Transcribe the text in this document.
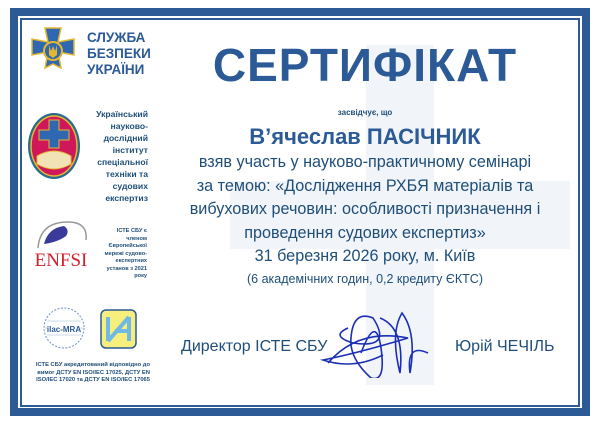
СЛУЖБА
БЕЗПЕКИ
УКРАЇНИ
Український науково-дослідний інститут спеціальної техніки та судових експертиз
ENFSI
ІСТЕ СБУ є членом Європейської мережі судово-експертних установ з 2021 року
ilac-MRA
ІСТЕ СБУ акредитований відповідно до вимог ДСТУ EN ISO/IEC 17025, ДСТУ EN ISO/IEC 17020 та ДСТУ EN ISO/IEC 17065
СЕРТИФІКАТ
засвідчує, що
В’ячеслав ПАСІЧНИК
взяв участь у науково-практичному семінарі
за темою: «Дослідження РХБЯ матеріалів та
вибухових речовин: особливості призначення і
проведення судових експертиз»
31 березня 2026 року, м. Київ
(6 академічних годин, 0,2 кредиту ЄКТС)
Директор ІСТЕ СБУ	Юрій ЧЕЧІЛЬ
